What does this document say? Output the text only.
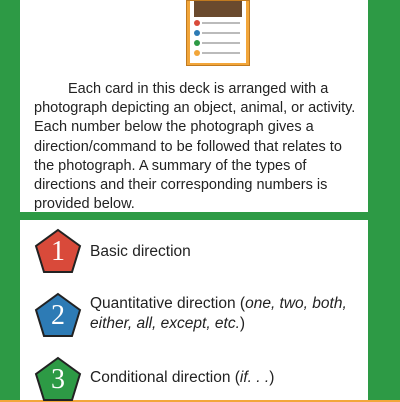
Each card in this deck is arranged with a photograph depicting an object, animal, or activity. Each number below the photograph gives a direction/command to be followed that relates to the photograph. A summary of the types of directions and their corresponding numbers is provided below.

1	Basic direction
2	Quantitative direction (one, two, both, either, all, except, etc.)
3	Conditional direction (if. . .)
